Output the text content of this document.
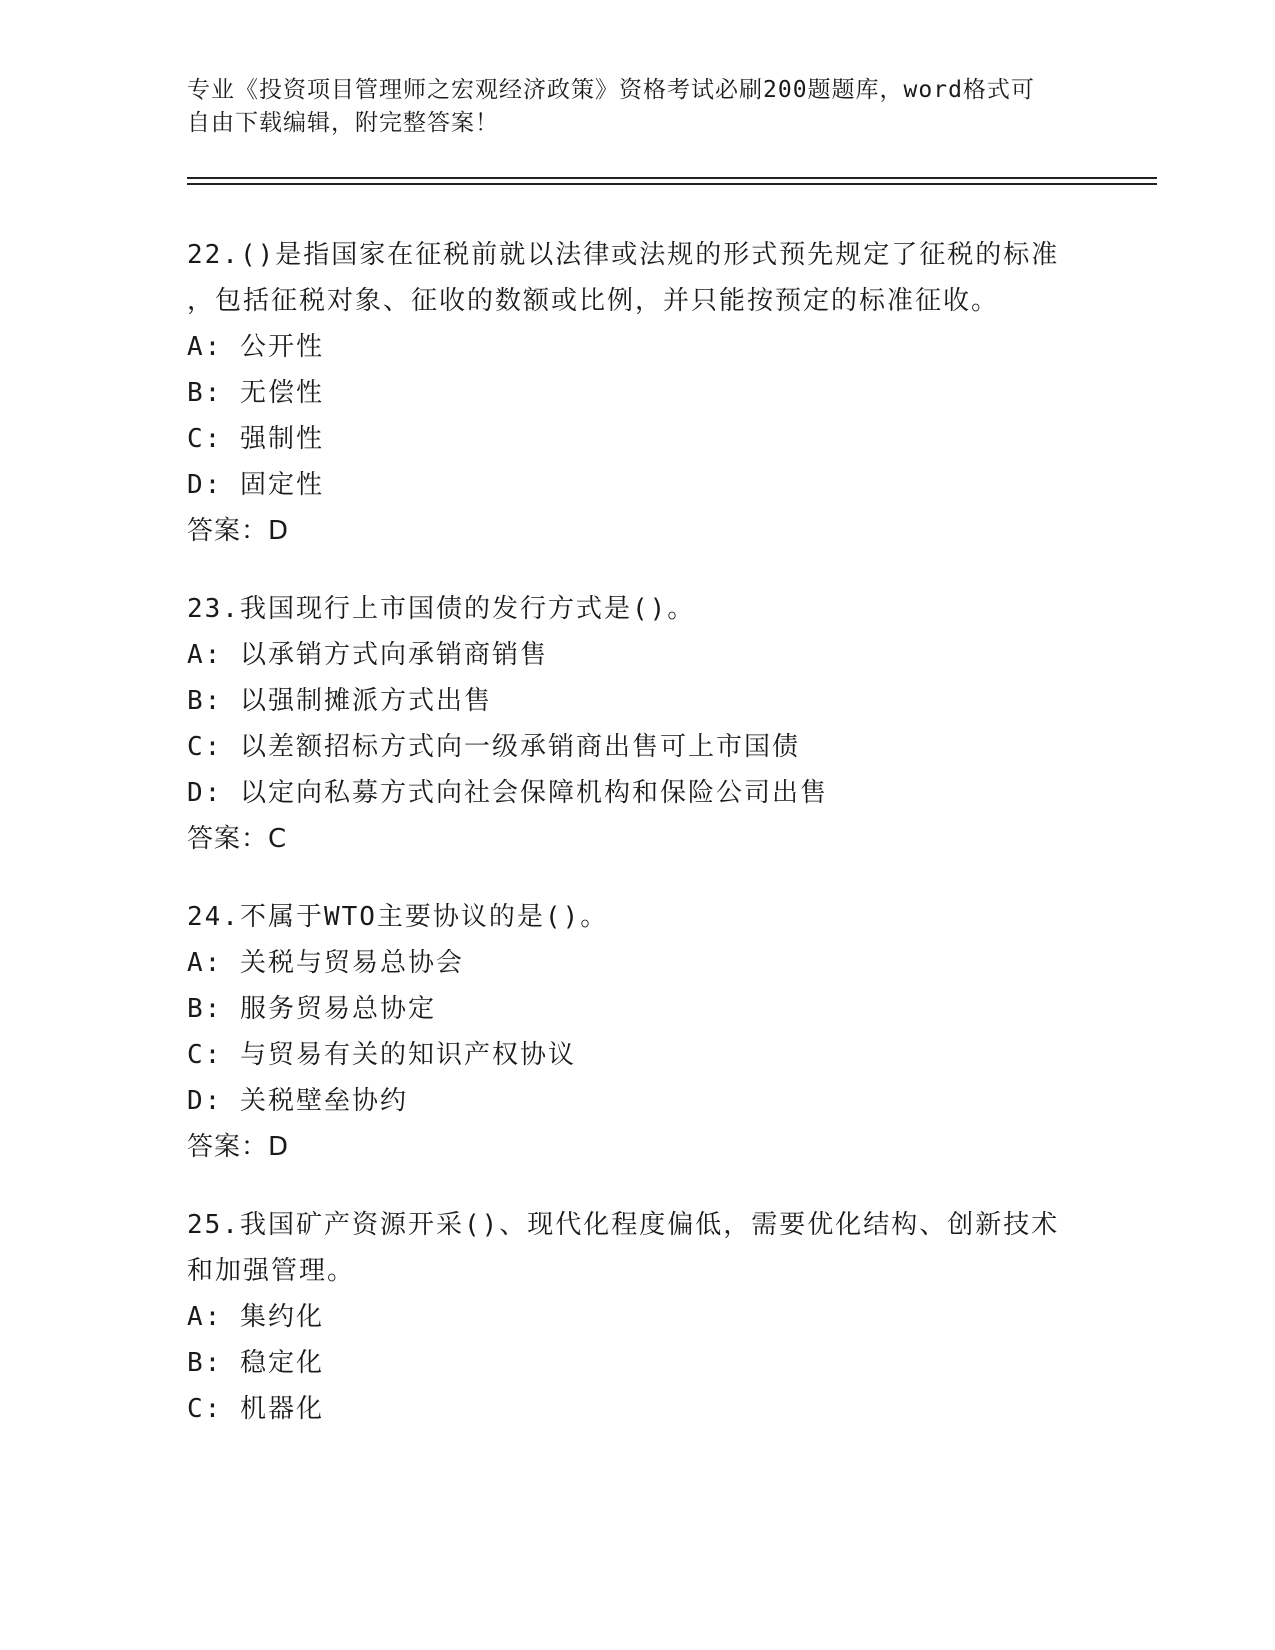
专业《投资项目管理师之宏观经济政策》资格考试必刷200题题库，word格式可
自由下载编辑，附完整答案！
22.()是指国家在征税前就以法律或法规的形式预先规定了征税的标准
，包括征税对象、征收的数额或比例，并只能按预定的标准征收。
A: 公开性
B: 无偿性
C: 强制性
D: 固定性
答案：D
23.我国现行上市国债的发行方式是()。
A: 以承销方式向承销商销售
B: 以强制摊派方式出售
C: 以差额招标方式向一级承销商出售可上市国债
D: 以定向私募方式向社会保障机构和保险公司出售
答案：C
24.不属于WTO主要协议的是()。
A: 关税与贸易总协会
B: 服务贸易总协定
C: 与贸易有关的知识产权协议
D: 关税壁垒协约
答案：D
25.我国矿产资源开采()、现代化程度偏低，需要优化结构、创新技术
和加强管理。
A: 集约化
B: 稳定化
C: 机器化
